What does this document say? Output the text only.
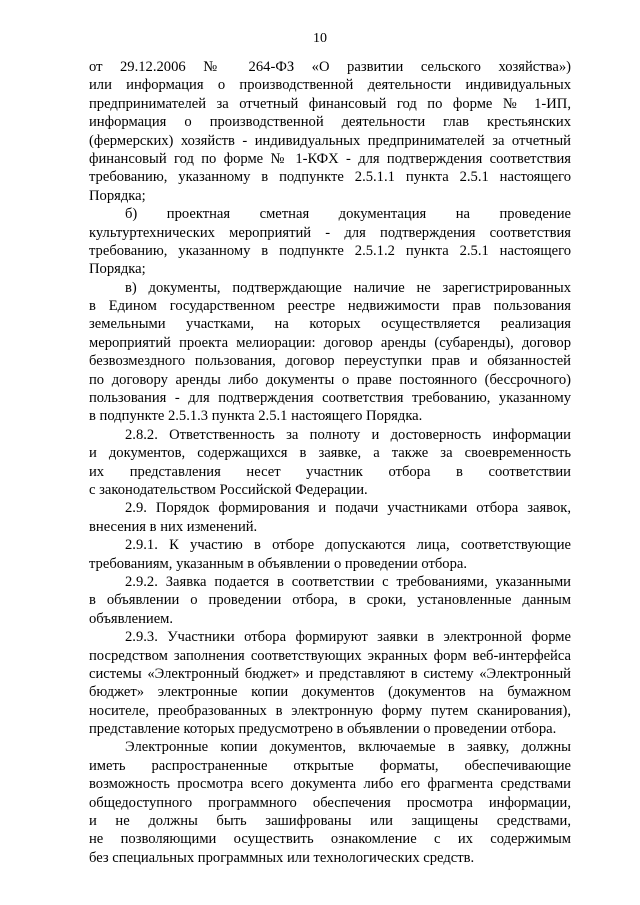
10
от 29.12.2006 № 264-ФЗ «О развитии сельского хозяйства»)
или информация о производственной деятельности индивидуальных
предпринимателей за отчетный финансовый год по форме № 1-ИП,
информация о производственной деятельности глав крестьянских
(фермерских) хозяйств - индивидуальных предпринимателей за отчетный
финансовый год по форме № 1-КФХ - для подтверждения соответствия
требованию, указанному в подпункте 2.5.1.1 пункта 2.5.1 настоящего
Порядка;
б) проектная сметная документация на проведение
культуртехнических мероприятий - для подтверждения соответствия
требованию, указанному в подпункте 2.5.1.2 пункта 2.5.1 настоящего
Порядка;
в) документы, подтверждающие наличие не зарегистрированных
в Едином государственном реестре недвижимости прав пользования
земельными участками, на которых осуществляется реализация
мероприятий проекта мелиорации: договор аренды (субаренды), договор
безвозмездного пользования, договор переуступки прав и обязанностей
по договору аренды либо документы о праве постоянного (бессрочного)
пользования - для подтверждения соответствия требованию, указанному
в подпункте 2.5.1.3 пункта 2.5.1 настоящего Порядка.
2.8.2. Ответственность за полноту и достоверность информации
и документов, содержащихся в заявке, а также за своевременность
их представления несет участник отбора в соответствии
с законодательством Российской Федерации.
2.9. Порядок формирования и подачи участниками отбора заявок,
внесения в них изменений.
2.9.1. К участию в отборе допускаются лица, соответствующие
требованиям, указанным в объявлении о проведении отбора.
2.9.2. Заявка подается в соответствии с требованиями, указанными
в объявлении о проведении отбора, в сроки, установленные данным
объявлением.
2.9.3. Участники отбора формируют заявки в электронной форме
посредством заполнения соответствующих экранных форм веб-интерфейса
системы «Электронный бюджет» и представляют в систему «Электронный
бюджет» электронные копии документов (документов на бумажном
носителе, преобразованных в электронную форму путем сканирования),
представление которых предусмотрено в объявлении о проведении отбора.
Электронные копии документов, включаемые в заявку, должны
иметь распространенные открытые форматы, обеспечивающие
возможность просмотра всего документа либо его фрагмента средствами
общедоступного программного обеспечения просмотра информации,
и не должны быть зашифрованы или защищены средствами,
не позволяющими осуществить ознакомление с их содержимым
без специальных программных или технологических средств.
